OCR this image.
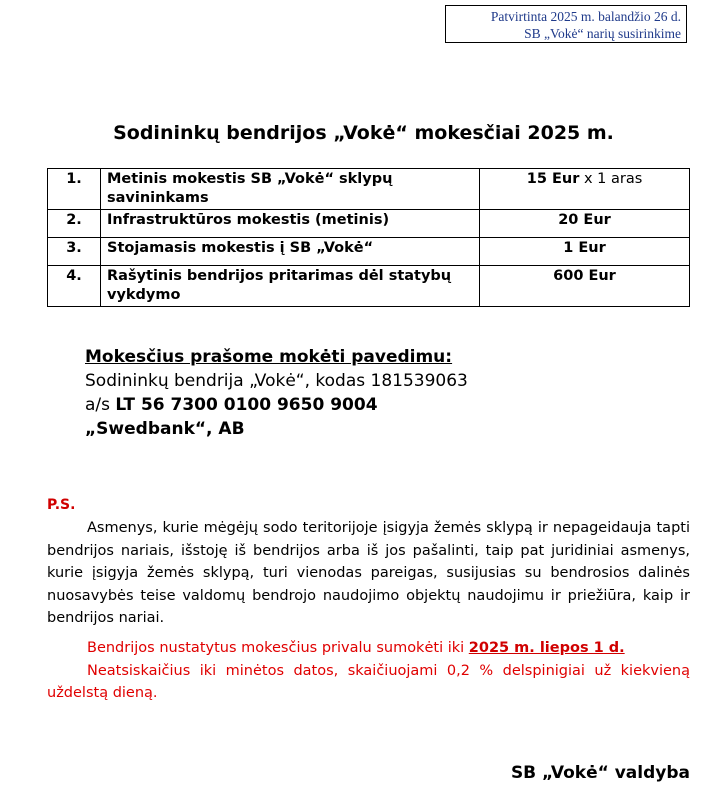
Patvirtinta 2025 m. balandžio 26 d.
SB „Vokė“ narių susirinkime
Sodininkų bendrijos „Vokė“ mokesčiai 2025 m.
1.	Metinis mokestis SB „Vokė“ sklypų savininkams	15 Eur x 1 aras
2.	Infrastruktūros mokestis (metinis)	20 Eur
3.	Stojamasis mokestis į SB „Vokė“	1 Eur
4.	Rašytinis bendrijos pritarimas dėl statybų vykdymo	600 Eur
Mokesčius prašome mokėti pavedimu:
Sodininkų bendrija „Vokė“, kodas 181539063
a/s LT 56 7300 0100 9650 9004
„Swedbank“, AB
P.S.
Asmenys, kurie mėgėjų sodo teritorijoje įsigyja žemės sklypą ir nepageidauja tapti bendrijos nariais, išstoję iš bendrijos arba iš jos pašalinti, taip pat juridiniai asmenys, kurie įsigyja žemės sklypą, turi vienodas pareigas, susijusias su bendrosios dalinės nuosavybės teise valdomų bendrojo naudojimo objektų naudojimu ir priežiūra, kaip ir bendrijos nariai.

Bendrijos nustatytus mokesčius privalu sumokėti iki 2025 m. liepos 1 d.

Neatsiskaičius iki minėtos datos, skaičiuojami 0,2 % delspinigiai už kiekvieną uždelstą dieną.

SB „Vokė“ valdyba
